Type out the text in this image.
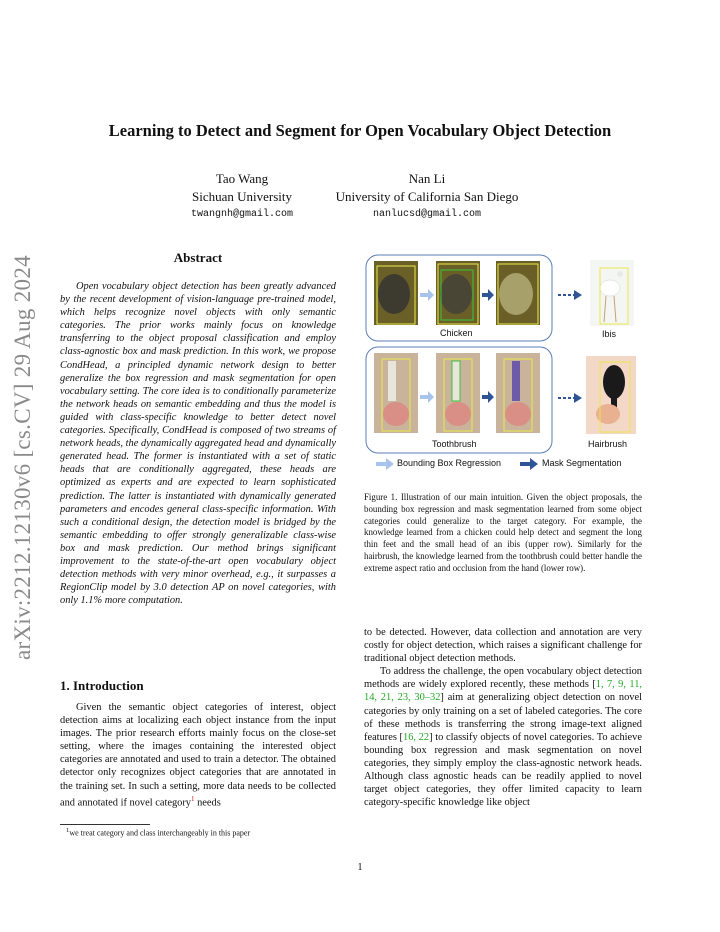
arXiv:2212.12130v6 [cs.CV] 29 Aug 2024
Learning to Detect and Segment for Open Vocabulary Object Detection
Tao Wang
Sichuan University
twangnh@gmail.com
Nan Li
University of California San Diego
nanlucsd@gmail.com
Abstract

Open vocabulary object detection has been greatly advanced by the recent development of vision-language pre-trained model, which helps recognize novel objects with only semantic categories. The prior works mainly focus on knowledge transferring to the object proposal classification and employ class-agnostic box and mask prediction. In this work, we propose CondHead, a principled dynamic network design to better generalize the box regression and mask segmentation for open vocabulary setting. The core idea is to conditionally parameterize the network heads on semantic embedding and thus the model is guided with class-specific knowledge to better detect novel categories. Specifically, CondHead is composed of two streams of network heads, the dynamically aggregated head and dynamically generated head. The former is instantiated with a set of static heads that are conditionally aggregated, these heads are optimized as experts and are expected to learn sophisticated prediction. The latter is instantiated with dynamically generated parameters and encodes general class-specific information. With such a conditional design, the detection model is bridged by the semantic embedding to offer strongly generalizable class-wise box and mask prediction. Our method brings significant improvement to the state-of-the-art open vocabulary object detection methods with very minor overhead, e.g., it surpasses a RegionClip model by 3.0 detection AP on novel categories, with only 1.1% more computation.

1. Introduction

Given the semantic object categories of interest, object detection aims at localizing each object instance from the input images. The prior research efforts mainly focus on the close-set setting, where the images containing the interested object categories are annotated and used to train a detector. The obtained detector only recognizes object categories that are annotated in the training set. In such a setting, more data needs to be collected and annotated if novel category$^1$ needs

$^1$we treat category and class interchangeably in this paper
Chicken	Ibis
Toothbrush	Hairbrush
Bounding Box Regression	Mask Segmentation
Figure 1. Illustration of our main intuition. Given the object proposals, the bounding box regression and mask segmentation learned from some object categories could generalize to the target category. For example, the knowledge learned from a chicken could help detect and segment the long thin feet and the small head of an ibis (upper row). Similarly for the hairbrush, the knowledge learned from the toothbrush could better handle the extreme aspect ratio and occlusion from the hand (lower row).

to be detected. However, data collection and annotation are very costly for object detection, which raises a significant challenge for traditional object detection methods.

To address the challenge, the open vocabulary object detection methods are widely explored recently, these methods [1, 7, 9, 11, 14, 21, 23, 30–32] aim at generalizing object detection on novel categories by only training on a set of labeled categories. The core of these methods is transferring the strong image-text aligned features [16, 22] to classify objects of novel categories. To achieve bounding box regression and mask segmentation on novel categories, they simply employ the class-agnostic network heads. Although class agnostic heads can be readily applied to novel target object categories, they offer limited capacity to learn category-specific knowledge like object

1
